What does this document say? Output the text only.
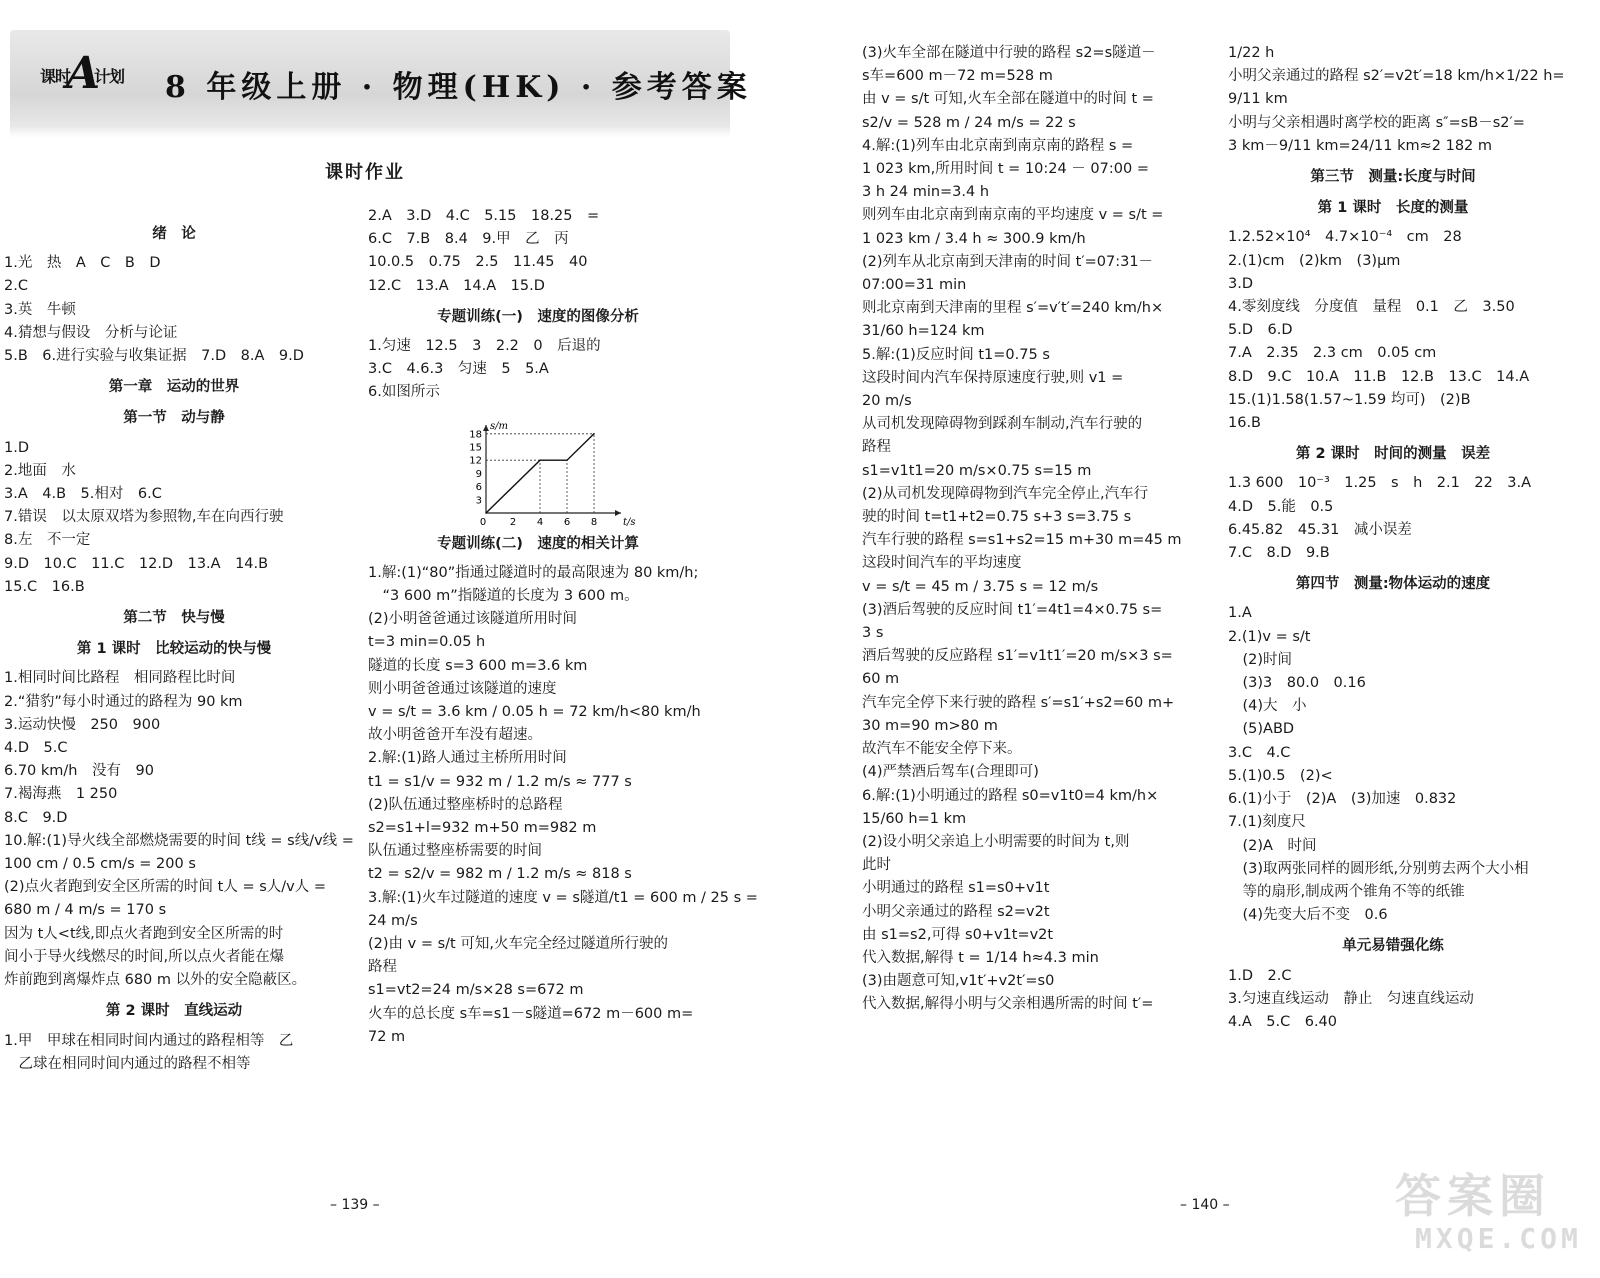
课时 计划
A 8 年级上册 · 物理(HK) · 参考答案
课时作业
绪　论
1.光　热　A　C　B　D
2.C
3.英　牛顿
4.猜想与假设　分析与论证
5.B　6.进行实验与收集证据　7.D　8.A　9.D
第一章　运动的世界
第一节　动与静
1.D
2.地面　水
3.A　4.B　5.相对　6.C
7.错误　以太原双塔为参照物,车在向西行驶
8.左　不一定
9.D　10.C　11.C　12.D　13.A　14.B
15.C　16.B
第二节　快与慢
第 1 课时　比较运动的快与慢
1.相同时间比路程　相同路程比时间
2.“猎豹”每小时通过的路程为 90 km
3.运动快慢　250　900
4.D　5.C
6.70 km/h　没有　90
7.褐海燕　1 250
8.C　9.D
10.解:(1)导火线全部燃烧需要的时间 t线 = s线/v线 =
100 cm / 0.5 cm/s = 200 s
(2)点火者跑到安全区所需的时间 t人 = s人/v人 =
680 m / 4 m/s = 170 s
因为 t人<t线,即点火者跑到安全区所需的时
间小于导火线燃尽的时间,所以点火者能在爆
炸前跑到离爆炸点 680 m 以外的安全隐蔽区。
第 2 课时　直线运动
1.甲　甲球在相同时间内通过的路程相等　乙
　乙球在相同时间内通过的路程不相等
2.A　3.D　4.C　5.15　18.25　=
6.C　7.B　8.4　9.甲　乙　丙
10.0.5　0.75　2.5　11.45　40
12.C　13.A　14.A　15.D
专题训练(一)　速度的图像分析
1.匀速　12.5　3　2.2　0　后退的
3.C　4.6.3　匀速　5　5.A
6.如图所示
3
6
9
12
15
18
0 2 4 6 8
s/m
t/s
专题训练(二)　速度的相关计算
1.解:(1)“80”指通过隧道时的最高限速为 80 km/h;
　“3 600 m”指隧道的长度为 3 600 m。
(2)小明爸爸通过该隧道所用时间
t=3 min=0.05 h
隧道的长度 s=3 600 m=3.6 km
则小明爸爸通过该隧道的速度
v = s/t = 3.6 km / 0.05 h = 72 km/h<80 km/h
故小明爸爸开车没有超速。
2.解:(1)路人通过主桥所用时间
t1 = s1/v = 932 m / 1.2 m/s ≈ 777 s
(2)队伍通过整座桥时的总路程
s2=s1+l=932 m+50 m=982 m
队伍通过整座桥需要的时间
t2 = s2/v = 982 m / 1.2 m/s ≈ 818 s
3.解:(1)火车过隧道的速度 v = s隧道/t1 = 600 m / 25 s =
24 m/s
(2)由 v = s/t 可知,火车完全经过隧道所行驶的
路程
s1=vt2=24 m/s×28 s=672 m
火车的总长度 s车=s1－s隧道=672 m－600 m=
72 m
– 139 –	– 140 –
(3)火车全部在隧道中行驶的路程 s2=s隧道－
s车=600 m－72 m=528 m
由 v = s/t 可知,火车全部在隧道中的时间 t =
s2/v = 528 m / 24 m/s = 22 s
4.解:(1)列车由北京南到南京南的路程 s =
1 023 km,所用时间 t = 10:24 － 07:00 =
3 h 24 min=3.4 h
则列车由北京南到南京南的平均速度 v = s/t =
1 023 km / 3.4 h ≈ 300.9 km/h
(2)列车从北京南到天津南的时间 t′=07:31－
07:00=31 min
则北京南到天津南的里程 s′=v′t′=240 km/h×
31/60 h=124 km
5.解:(1)反应时间 t1=0.75 s
这段时间内汽车保持原速度行驶,则 v1 =
20 m/s
从司机发现障碍物到踩刹车制动,汽车行驶的
路程
s1=v1t1=20 m/s×0.75 s=15 m
(2)从司机发现障碍物到汽车完全停止,汽车行
驶的时间 t=t1+t2=0.75 s+3 s=3.75 s
汽车行驶的路程 s=s1+s2=15 m+30 m=45 m
这段时间汽车的平均速度
v = s/t = 45 m / 3.75 s = 12 m/s
(3)酒后驾驶的反应时间 t1′=4t1=4×0.75 s=
3 s
酒后驾驶的反应路程 s1′=v1t1′=20 m/s×3 s=
60 m
汽车完全停下来行驶的路程 s′=s1′+s2=60 m+
30 m=90 m>80 m
故汽车不能安全停下来。
(4)严禁酒后驾车(合理即可)
6.解:(1)小明通过的路程 s0=v1t0=4 km/h×
15/60 h=1 km
(2)设小明父亲追上小明需要的时间为 t,则
此时
小明通过的路程 s1=s0+v1t
小明父亲通过的路程 s2=v2t
由 s1=s2,可得 s0+v1t=v2t
代入数据,解得 t = 1/14 h≈4.3 min
(3)由题意可知,v1t′+v2t′=s0
代入数据,解得小明与父亲相遇所需的时间 t′=
1/22 h
小明父亲通过的路程 s2′=v2t′=18 km/h×1/22 h=
9/11 km
小明与父亲相遇时离学校的距离 s″=sB－s2′=
3 km－9/11 km=24/11 km≈2 182 m
第三节　测量:长度与时间
第 1 课时　长度的测量
1.2.52×10⁴　4.7×10⁻⁴　cm　28
2.(1)cm　(2)km　(3)μm
3.D
4.零刻度线　分度值　量程　0.1　乙　3.50
5.D　6.D
7.A　2.35　2.3 cm　0.05 cm
8.D　9.C　10.A　11.B　12.B　13.C　14.A
15.(1)1.58(1.57~1.59 均可)　(2)B
16.B
第 2 课时　时间的测量　误差
1.3 600　10⁻³　1.25　s　h　2.1　22　3.A
4.D　5.能　0.5
6.45.82　45.31　减小误差
7.C　8.D　9.B
第四节　测量:物体运动的速度
1.A
2.(1)v = s/t
　(2)时间
　(3)3　80.0　0.16
　(4)大　小
　(5)ABD
3.C　4.C
5.(1)0.5　(2)<
6.(1)小于　(2)A　(3)加速　0.832
7.(1)刻度尺
　(2)A　时间
　(3)取两张同样的圆形纸,分别剪去两个大小相
　等的扇形,制成两个锥角不等的纸锥
　(4)先变大后不变　0.6
单元易错强化练
1.D　2.C
3.匀速直线运动　静止　匀速直线运动
4.A　5.C　6.40
答案圈
MXQE.COM
